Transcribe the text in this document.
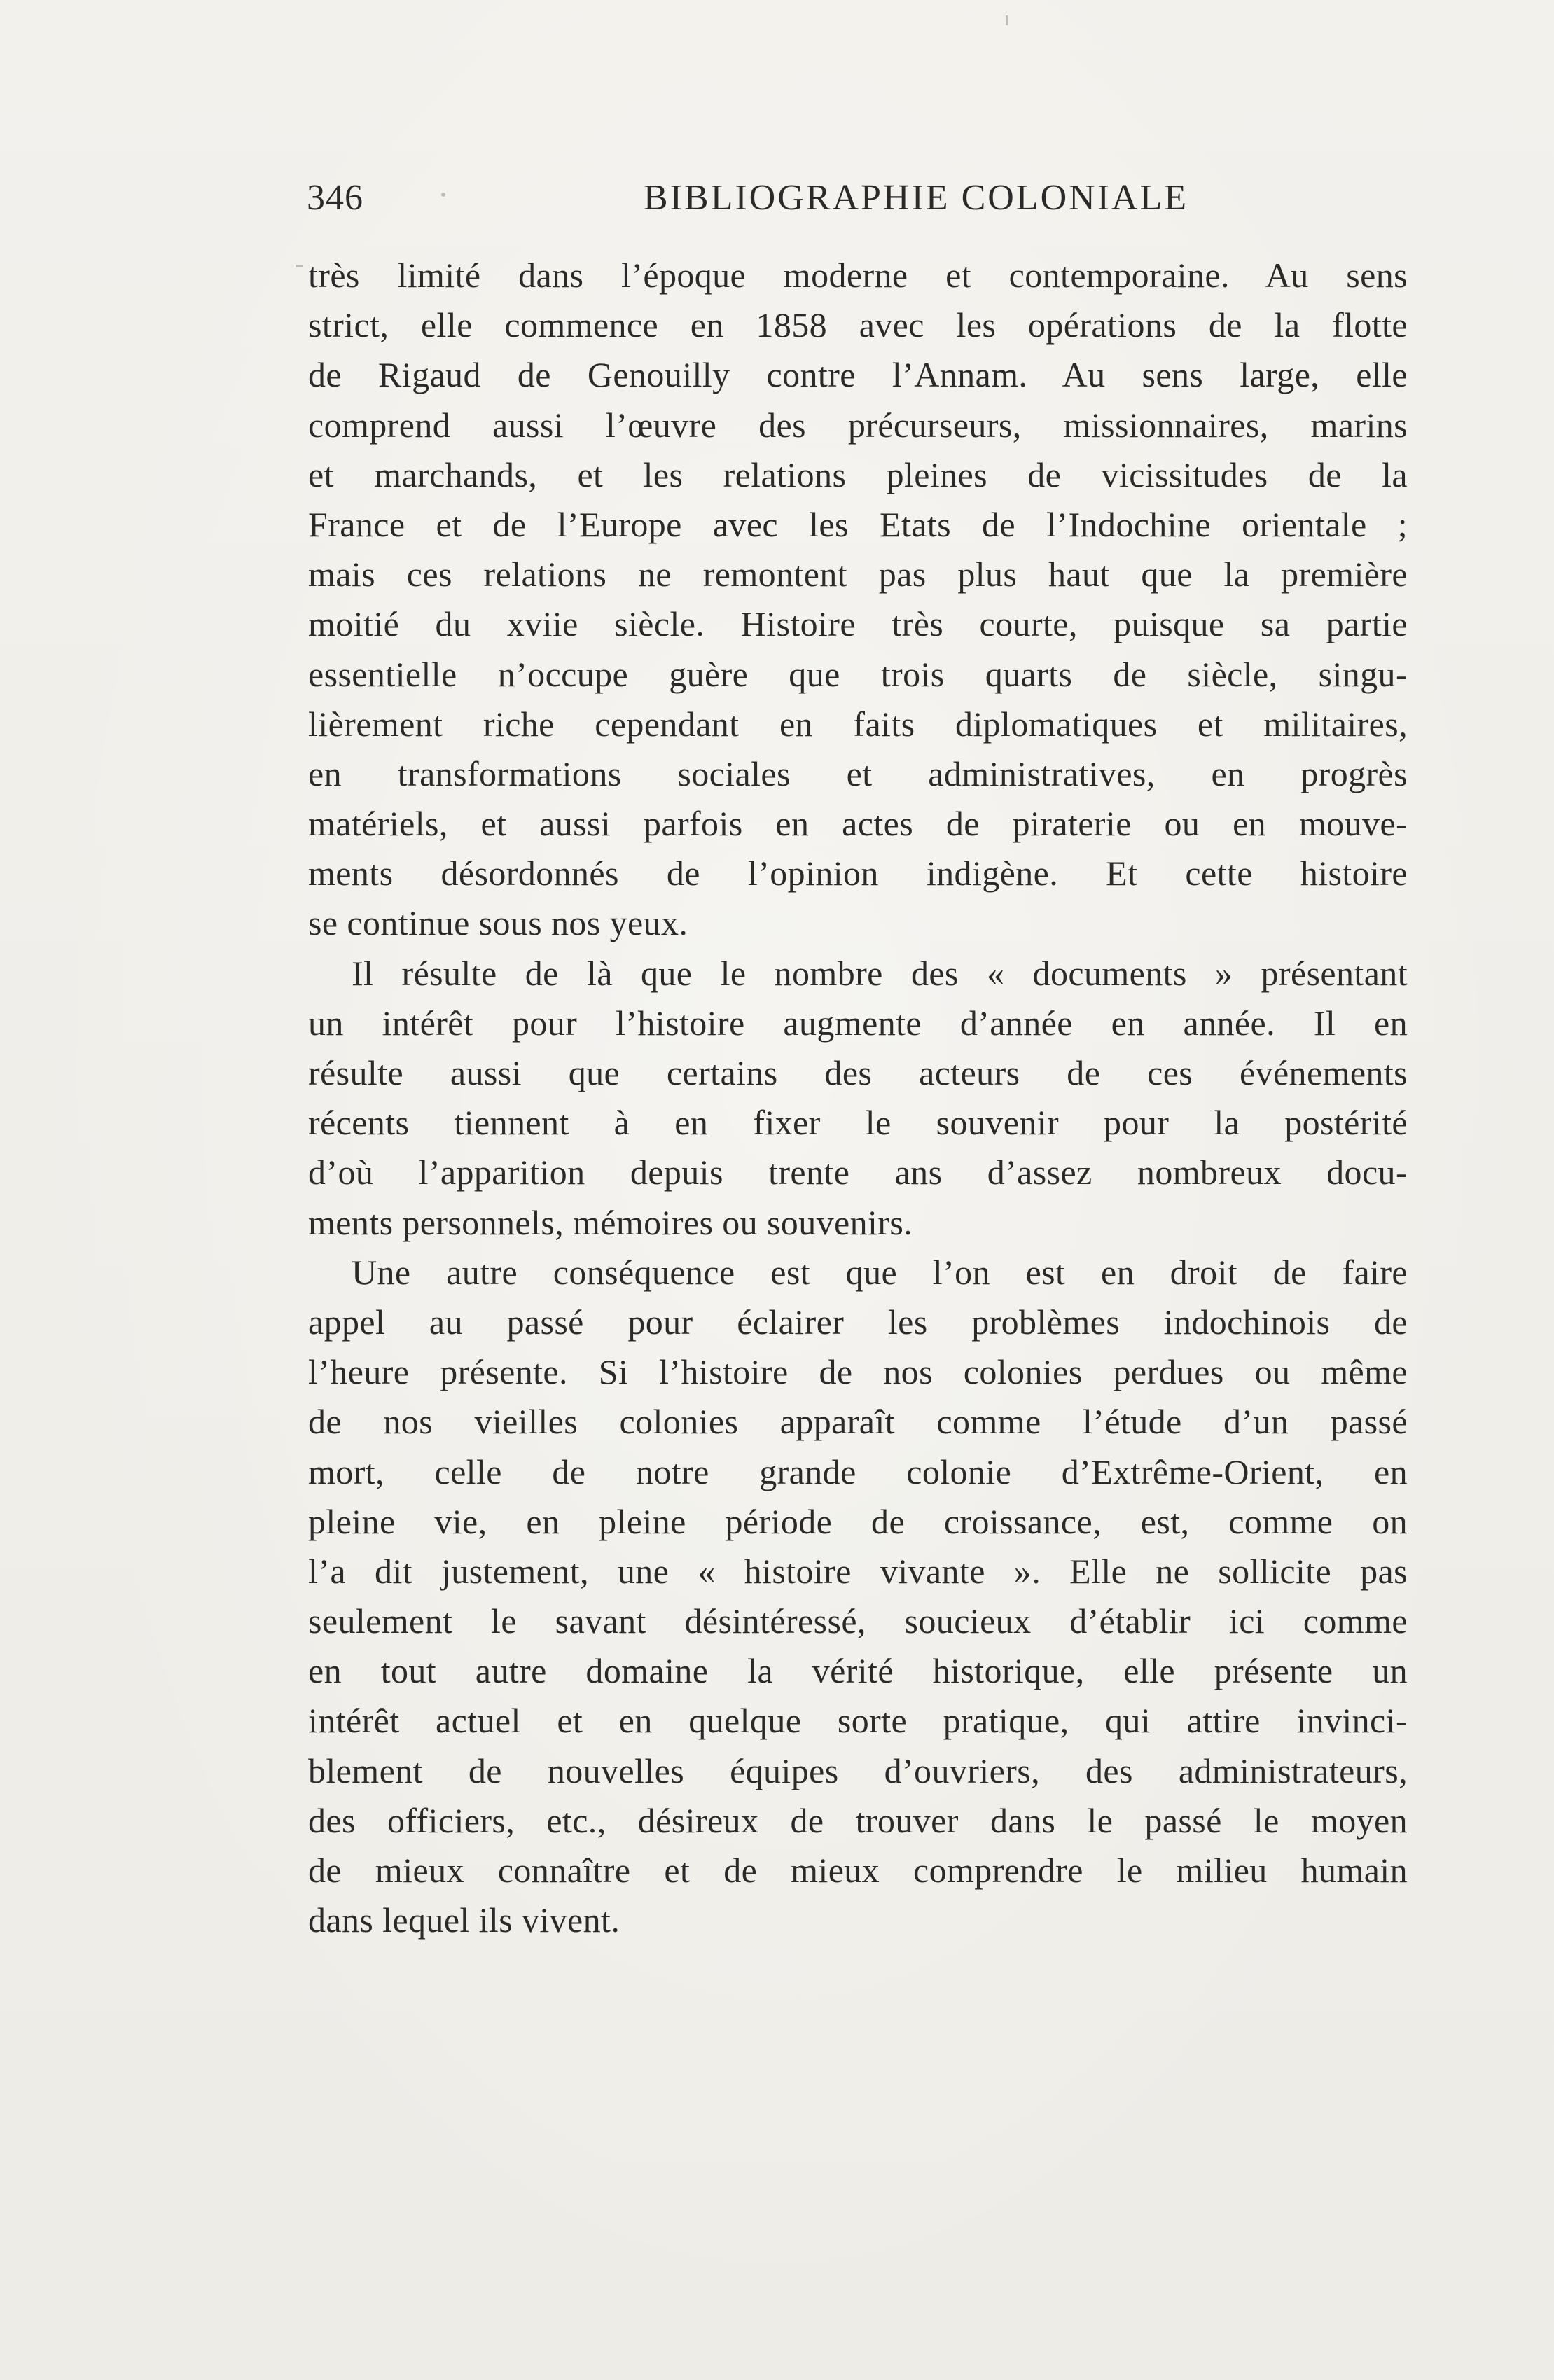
346	BIBLIOGRAPHIE COLONIALE
très limité dans l’époque moderne et contemporaine. Au sens
strict, elle commence en 1858 avec les opérations de la flotte
de Rigaud de Genouilly contre l’Annam. Au sens large, elle
comprend aussi l’œuvre des précurseurs, missionnaires, marins
et marchands, et les relations pleines de vicissitudes de la
France et de l’Europe avec les Etats de l’Indochine orientale ;
mais ces relations ne remontent pas plus haut que la première
moitié du xviie siècle. Histoire très courte, puisque sa partie
essentielle n’occupe guère que trois quarts de siècle, singu-
lièrement riche cependant en faits diplomatiques et militaires,
en transformations sociales et administratives, en progrès
matériels, et aussi parfois en actes de piraterie ou en mouve-
ments désordonnés de l’opinion indigène. Et cette histoire
se continue sous nos yeux.
Il résulte de là que le nombre des « documents » présentant
un intérêt pour l’histoire augmente d’année en année. Il en
résulte aussi que certains des acteurs de ces événements
récents tiennent à en fixer le souvenir pour la postérité
d’où l’apparition depuis trente ans d’assez nombreux docu-
ments personnels, mémoires ou souvenirs.
Une autre conséquence est que l’on est en droit de faire
appel au passé pour éclairer les problèmes indochinois de
l’heure présente. Si l’histoire de nos colonies perdues ou même
de nos vieilles colonies apparaît comme l’étude d’un passé
mort, celle de notre grande colonie d’Extrême-Orient, en
pleine vie, en pleine période de croissance, est, comme on
l’a dit justement, une « histoire vivante ». Elle ne sollicite pas
seulement le savant désintéressé, soucieux d’établir ici comme
en tout autre domaine la vérité historique, elle présente un
intérêt actuel et en quelque sorte pratique, qui attire invinci-
blement de nouvelles équipes d’ouvriers, des administrateurs,
des officiers, etc., désireux de trouver dans le passé le moyen
de mieux connaître et de mieux comprendre le milieu humain
dans lequel ils vivent.
